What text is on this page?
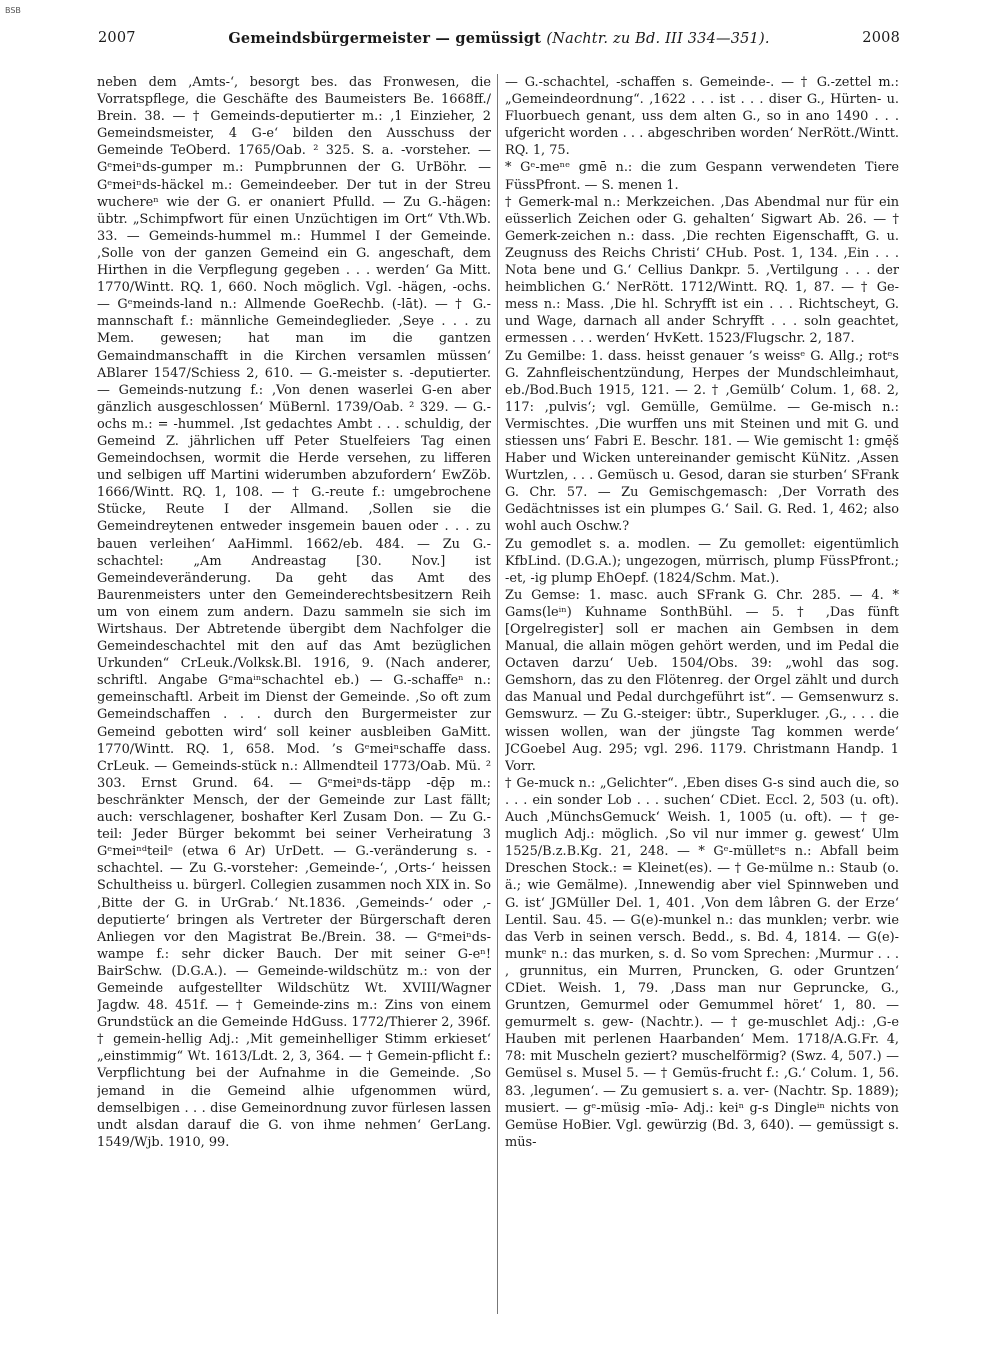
BSB
2007	Gemeindsbürgermeister — gemüssigt (Nachtr. zu Bd. III 334—351).	2008

neben dem ‚Amts-‘, besorgt bes. das Fronwesen, die Vorratspflege, die Geschäfte des Baumeisters Be. 1668ff./ Brein. 38. — † Gemeinds-deputierter m.: ‚1 Einzieher, 2 Gemeindsmeister, 4 G-e‘ bilden den Ausschuss der Gemeinde TeOberd. 1765/Oab. ² 325. S. a. -vorsteher. — Gᵉmeiⁿds-gumper m.: Pumpbrunnen der G. UrBöhr. — Gᵉmeiⁿds-häckel m.: Gemeindeeber. Der tut in der Streu wucherеⁿ wie der G. er onaniert Pfulld. — Zu G.-hägen: übtr. „Schimpfwort für einen Unzüchtigen im Ort“ Vth.Wb. 33. — Gemeinds-hummel m.: Hummel I der Gemeinde. ‚Solle von der ganzen Gemeind ein G. angeschaft, dem Hirthen in die Verpflegung gegeben . . . werden‘ Ga Mitt. 1770/Wintt. RQ. 1, 660. Noch möglich. Vgl. -hägen, -ochs. — Gᵉmeinds-land n.: Allmende GoeRechb. (-lāt). — † G.-mannschaft f.: männliche Gemeindeglieder. ‚Seye . . . zu Mem. gewesen; hat man im die gantzen Gemaindmanschafft in die Kirchen versamlen müssen‘ ABlarer 1547/Schiess 2, 610. — G.-meister s. -deputierter. — Gemeinds-nutzung f.: ‚Von denen waserlei G-en aber gänzlich ausgeschlossen‘ MüBernl. 1739/Oab. ² 329. — G.-ochs m.: = -hummel. ‚Ist gedachtes Ambt . . . schuldig, der Gemeind Z. jährlichen uff Peter Stuelfeiers Tag einen Gemeindochsen, wormit die Herde versehen, zu lifferen und selbigen uff Martini widerumben abzufordern‘ EwZöb. 1666/Wintt. RQ. 1, 108. — † G.-reute f.: umgebrochene Stücke, Reute I der Allmand. ‚Sollen sie die Gemeindreytenen entweder insgemein bauen oder . . . zu bauen verleihen‘ AaHimml. 1662/eb. 484. — Zu G.-schachtel: „Am Andreastag [30. Nov.] ist Gemeindeveränderung. Da geht das Amt des Baurenmeisters unter den Gemeinderechtsbesitzern Reih um von einem zum andern. Dazu sammeln sie sich im Wirtshaus. Der Abtretende übergibt dem Nachfolger die Gemeindeschachtel mit den auf das Amt bezüglichen Urkunden“ CrLeuk./Volksk.Bl. 1916, 9. (Nach anderer, schriftl. Angabe Gᵉmaⁱⁿschachtel eb.) — G.-schaffeⁿ n.: gemeinschaftl. Arbeit im Dienst der Gemeinde. ‚So oft zum Gemeindschaffen . . . durch den Burgermeister zur Gemeind gebotten wird‘ soll keiner ausbleiben GaMitt. 1770/Wintt. RQ. 1, 658. Mod. ’s Gᵉmeiⁿschaffe dass. CrLeuk. — Gemeinds-stück n.: Allmendteil 1773/Oab. Mü. ² 303. Ernst Grund. 64. — Gᵉmeiⁿds-täpp -dę̄p m.: beschränkter Mensch, der der Gemeinde zur Last fällt; auch: verschlagener, boshafter Kerl Zusam Don. — Zu G.-teil: Jeder Bürger bekommt bei seiner Verheiratung 3 Gᵉmeiⁿᵈteilᵉ (etwa 6 Ar) UrDett. — G.-veränderung s. -schachtel. — Zu G.-vorsteher: ‚Gemeinde-‘, ‚Orts-‘ heissen Schultheiss u. bürgerl. Collegien zusammen noch XIX in. So ‚Bitte der G. in UrGrab.‘ Nt.1836. ‚Gemeinds-‘ oder ‚-deputierte‘ bringen als Vertreter der Bürgerschaft deren Anliegen vor den Magistrat Be./Brein. 38. — Gᵉmeiⁿds-wampe f.: sehr dicker Bauch. Der mit seiner G-eⁿ! BairSchw. (D.G.A.). — Gemeinde-wildschütz m.: von der Gemeinde aufgestellter Wildschütz Wt. XVIII/Wagner Jagdw. 48. 451f. — † Gemeinde-zins m.: Zins von einem Grundstück an die Gemeinde HdGuss. 1772/Thierer 2, 396f.

† gemein-hellig Adj.: ‚Mit gemeinhelliger Stimm erkieset‘ „einstimmig“ Wt. 1613/Ldt. 2, 3, 364. — † Gemein-pflicht f.: Verpflichtung bei der Aufnahme in die Gemeinde. ‚So jemand in die Gemeind alhie ufgenommen würd, demselbigen . . . dise Gemeinordnung zuvor fürlesen lassen undt alsdan darauf die G. von ihme nehmen‘ GerLang. 1549/Wjb. 1910, 99.

— G.-schachtel, -schaffen s. Gemeinde-. — † G.-zettel m.: „Gemeindeordnung“. ‚1622 . . . ist . . . diser G., Hürten- u. Fluorbuech genant, uss dem alten G., so in ano 1490 . . . ufgericht worden . . . abgeschriben worden‘ NerRött./Wintt. RQ. 1, 75.

* Gᵉ-meⁿᵉ gmē n.: die zum Gespann verwendeten Tiere FüssPfront. — S. menen 1.

† Gemerk-mal n.: Merkzeichen. ‚Das Abendmal nur für ein eüsserlich Zeichen oder G. gehalten‘ Sigwart Ab. 26. — † Gemerk-zeichen n.: dass. ‚Die rechten Eigenschafft, G. u. Zeugnuss des Reichs Christi‘ CHub. Post. 1, 134. ‚Ein . . . Nota bene und G.‘ Cellius Dankpr. 5. ‚Vertilgung . . . der heimblichen G.‘ NerRött. 1712/Wintt. RQ. 1, 87. — † Ge-mess n.: Mass. ‚Die hl. Schryfft ist ein . . . Richtscheyt, G. und Wage, darnach all ander Schryfft . . . soln geachtet, ermessen . . . werden‘ HvKett. 1523/Flugschr. 2, 187.

Zu Gemilbe: 1. dass. heisst genauer ’s weissᵉ G. Allg.; rotᵉs G. Zahnfleischentzündung, Herpes der Mundschleimhaut, eb./Bod.Buch 1915, 121. — 2. † ‚Gemülb‘ Colum. 1, 68. 2, 117: ‚pulvis‘; vgl. Gemülle, Gemülme. — Ge-misch n.: Vermischtes. ‚Die wurffen uns mit Steinen und mit G. und stiessen uns‘ Fabri E. Beschr. 181. — Wie gemischt 1: gmę̄š Haber und Wicken untereinander gemischt KüNitz. ‚Assen Wurtzlen, . . . Gemüsch u. Gesod, daran sie sturben‘ SFrank G. Chr. 57. — Zu Gemischgemasch: ‚Der Vorrath des Gedächtnisses ist ein plumpes G.‘ Sail. G. Red. 1, 462; also wohl auch Oschw.?

Zu gemodlet s. a. modlen. — Zu gemollet: eigentümlich KfbLind. (D.G.A.); ungezogen, mürrisch, plump FüssPfront.; -et, -ig plump EhOepf. (1824/Schm. Mat.).

Zu Gemse: 1. masc. auch SFrank G. Chr. 285. — 4. * Gams(leⁱⁿ) Kuhname SonthBühl. — 5. † ‚Das fünft [Orgelregister] soll er machen ain Gembsen in dem Manual, die allain mögen gehört werden, und im Pedal die Octaven darzu‘ Ueb. 1504/Obs. 39: „wohl das sog. Gemshorn, das zu den Flötenreg. der Orgel zählt und durch das Manual und Pedal durchgeführt ist“. — Gemsenwurz s. Gemswurz. — Zu G.-steiger: übtr., Superkluger. ‚G., . . . die wissen wollen, wan der jüngste Tag kommen werde‘ JCGoebel Aug. 295; vgl. 296. 1179. Christmann Handp. 1 Vorr.

† Ge-muck n.: „Gelichter“. ‚Eben dises G-s sind auch die, so . . . ein sonder Lob . . . suchen‘ CDiet. Eccl. 2, 503 (u. oft). Auch ‚MünchsGemuck‘ Weish. 1, 1005 (u. oft). — † ge-muglich Adj.: möglich. ‚So vil nur immer g. gewest‘ Ulm 1525/B.z.B.Kg. 21, 248. — * Gᵉ-mülletᵉs n.: Abfall beim Dreschen Stock.: = Kleinet(es). — † Ge-mülme n.: Staub (o. ä.; wie Gemälme). ‚Innewendig aber viel Spinnweben und G. ist‘ JGMüller Del. 1, 401. ‚Von dem lâbren G. der Erze‘ Lentil. Sau. 45. — G(e)-munkel n.: das munklen; verbr. wie das Verb in seinen versch. Bedd., s. Bd. 4, 1814. — G(e)-munkᵉ n.: das murken, s. d. So vom Sprechen: ‚Murmur . . . , grunnitus, ein Murren, Pruncken, G. oder Gruntzen‘ CDiet. Weish. 1, 79. ‚Dass man nur Gepruncke, G., Gruntzen, Gemurmel oder Gemummel höret‘ 1, 80. — gemurmelt s. gew- (Nachtr.). — † ge-muschlet Adj.: ‚G-e Hauben mit perlenen Haarbanden‘ Mem. 1718/A.G.Fr. 4, 78: mit Muscheln geziert? muschelförmig? (Swz. 4, 507.) — Gemüsel s. Musel 5. — † Gemüs-frucht f.: ‚G.‘ Colum. 1, 56. 83. ‚legumen‘. — Zu gemusiert s. a. ver- (Nachtr. Sp. 1889); musiert. — gᵉ-müsig -mīə- Adj.: keiⁿ g-s Dingleⁱⁿ nichts von Gemüse HoBier. Vgl. gewürzig (Bd. 3, 640). — gemüssigt s. müs-
